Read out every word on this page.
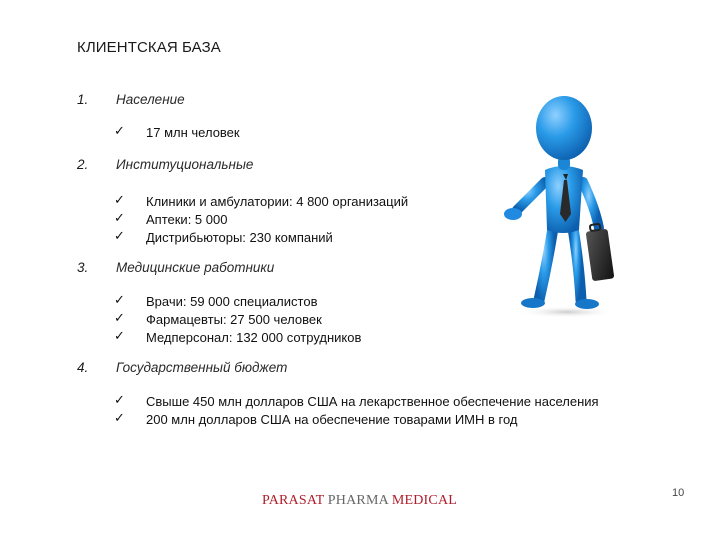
КЛИЕНТСКАЯ БАЗА
1. Население
✓ 17 млн человек
2. Институциональные
✓ Клиники и амбулатории: 4 800 организаций
✓ Аптеки: 5 000
✓ Дистрибьюторы: 230 компаний
3. Медицинские работники
✓ Врачи: 59 000 специалистов
✓ Фармацевты: 27 500 человек
✓ Медперсонал: 132 000 сотрудников
4. Государственный бюджет
✓ Свыше 450 млн долларов США на лекарственное обеспечение населения
✓ 200 млн долларов США на обеспечение товарами ИМН в год
PARASAT PHARMA MEDICAL	10
